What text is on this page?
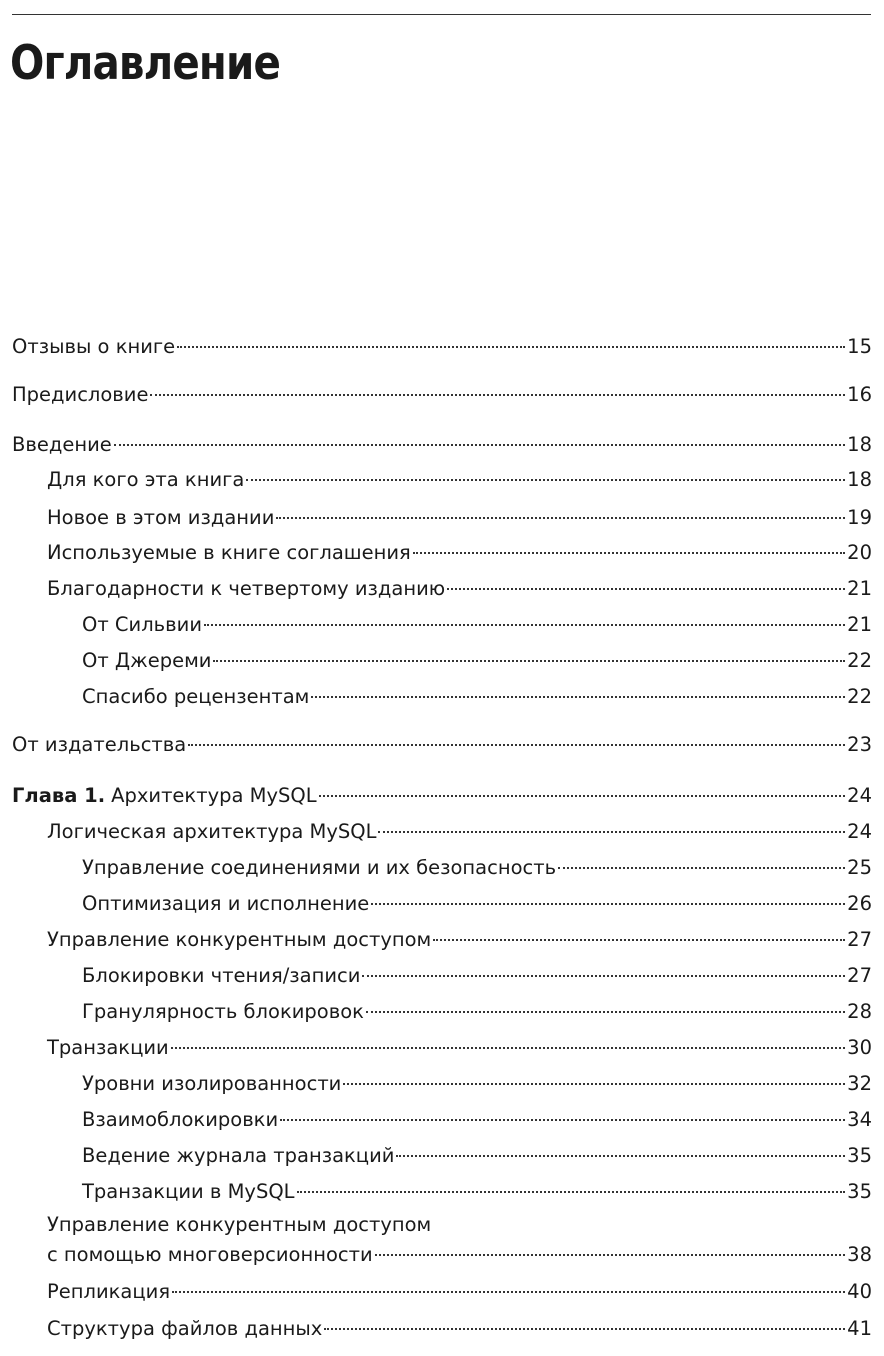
Оглавление
Отзывы о книге	15
Предисловие	16
Введение	18
Для кого эта книга	18
Новое в этом издании	19
Используемые в книге соглашения	20
Благодарности к четвертому изданию	21
От Сильвии	21
От Джереми	22
Спасибо рецензентам	22
От издательства	23
Глава 1. Архитектура MySQL	24
Логическая архитектура MySQL	24
Управление соединениями и их безопасность	25
Оптимизация и исполнение	26
Управление конкурентным доступом	27
Блокировки чтения/записи	27
Гранулярность блокировок	28
Транзакции	30
Уровни изолированности	32
Взаимоблокировки	34
Ведение журнала транзакций	35
Транзакции в MySQL	35
Управление конкурентным доступом
с помощью многоверсионности	38
Репликация	40
Структура файлов данных	41
